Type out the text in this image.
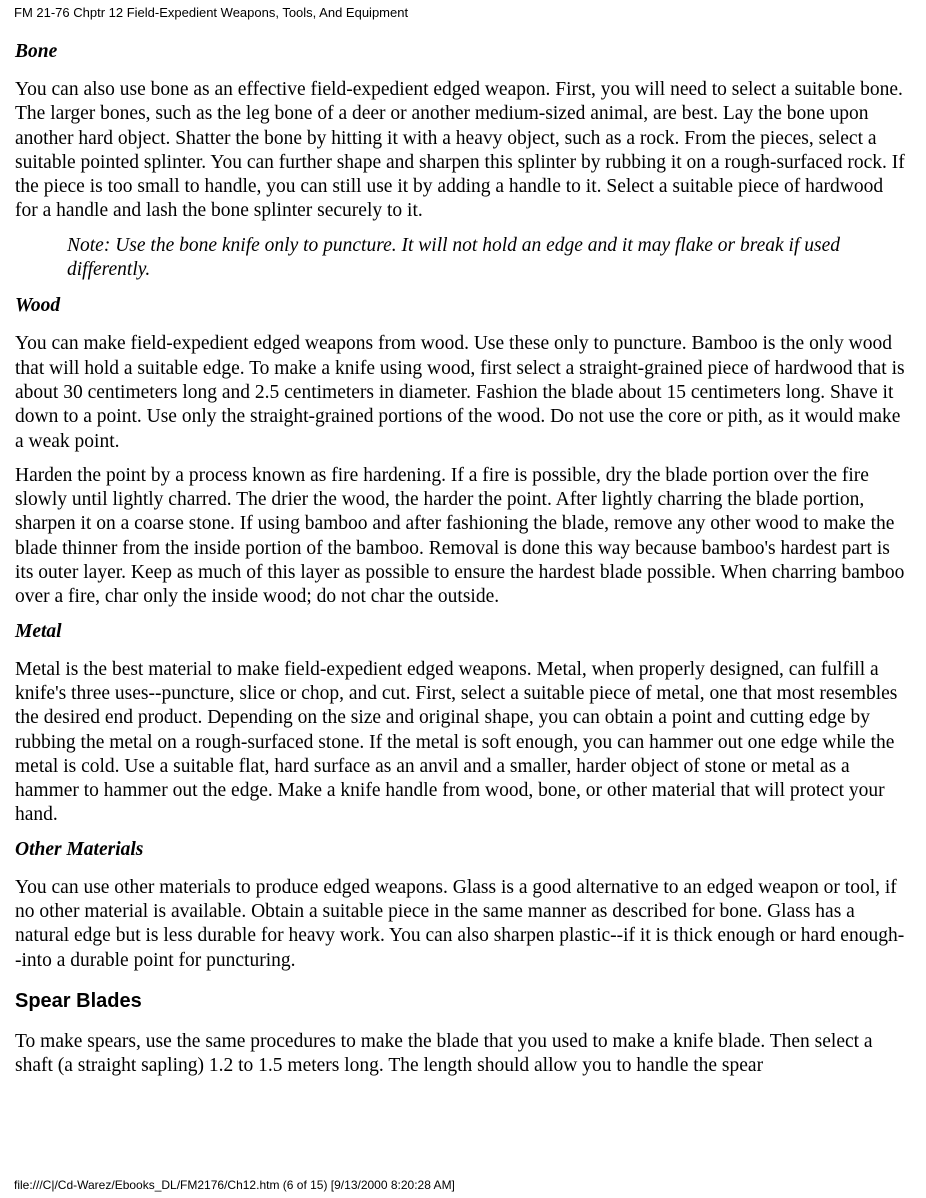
FM 21-76 Chptr 12 Field-Expedient Weapons, Tools, And Equipment
Bone

You can also use bone as an effective field-expedient edged weapon. First, you will need to select a suitable bone. The larger bones, such as the leg bone of a deer or another medium-sized animal, are best. Lay the bone upon another hard object. Shatter the bone by hitting it with a heavy object, such as a rock. From the pieces, select a suitable pointed splinter. You can further shape and sharpen this splinter by rubbing it on a rough-surfaced rock. If the piece is too small to handle, you can still use it by adding a handle to it. Select a suitable piece of hardwood for a handle and lash the bone splinter securely to it.

Note: Use the bone knife only to puncture. It will not hold an edge and it may flake or break if used differently.

Wood

You can make field-expedient edged weapons from wood. Use these only to puncture. Bamboo is the only wood that will hold a suitable edge. To make a knife using wood, first select a straight-grained piece of hardwood that is about 30 centimeters long and 2.5 centimeters in diameter. Fashion the blade about 15 centimeters long. Shave it down to a point. Use only the straight-grained portions of the wood. Do not use the core or pith, as it would make a weak point.

Harden the point by a process known as fire hardening. If a fire is possible, dry the blade portion over the fire slowly until lightly charred. The drier the wood, the harder the point. After lightly charring the blade portion, sharpen it on a coarse stone. If using bamboo and after fashioning the blade, remove any other wood to make the blade thinner from the inside portion of the bamboo. Removal is done this way because bamboo's hardest part is its outer layer. Keep as much of this layer as possible to ensure the hardest blade possible. When charring bamboo over a fire, char only the inside wood; do not char the outside.

Metal

Metal is the best material to make field-expedient edged weapons. Metal, when properly designed, can fulfill a knife's three uses--puncture, slice or chop, and cut. First, select a suitable piece of metal, one that most resembles the desired end product. Depending on the size and original shape, you can obtain a point and cutting edge by rubbing the metal on a rough-surfaced stone. If the metal is soft enough, you can hammer out one edge while the metal is cold. Use a suitable flat, hard surface as an anvil and a smaller, harder object of stone or metal as a hammer to hammer out the edge. Make a knife handle from wood, bone, or other material that will protect your hand.

Other Materials

You can use other materials to produce edged weapons. Glass is a good alternative to an edged weapon or tool, if no other material is available. Obtain a suitable piece in the same manner as described for bone. Glass has a natural edge but is less durable for heavy work. You can also sharpen plastic--if it is thick enough or hard enough--into a durable point for puncturing.

Spear Blades

To make spears, use the same procedures to make the blade that you used to make a knife blade. Then select a shaft (a straight sapling) 1.2 to 1.5 meters long. The length should allow you to handle the spear

file:///C|/Cd-Warez/Ebooks_DL/FM2176/Ch12.htm (6 of 15) [9/13/2000 8:20:28 AM]
